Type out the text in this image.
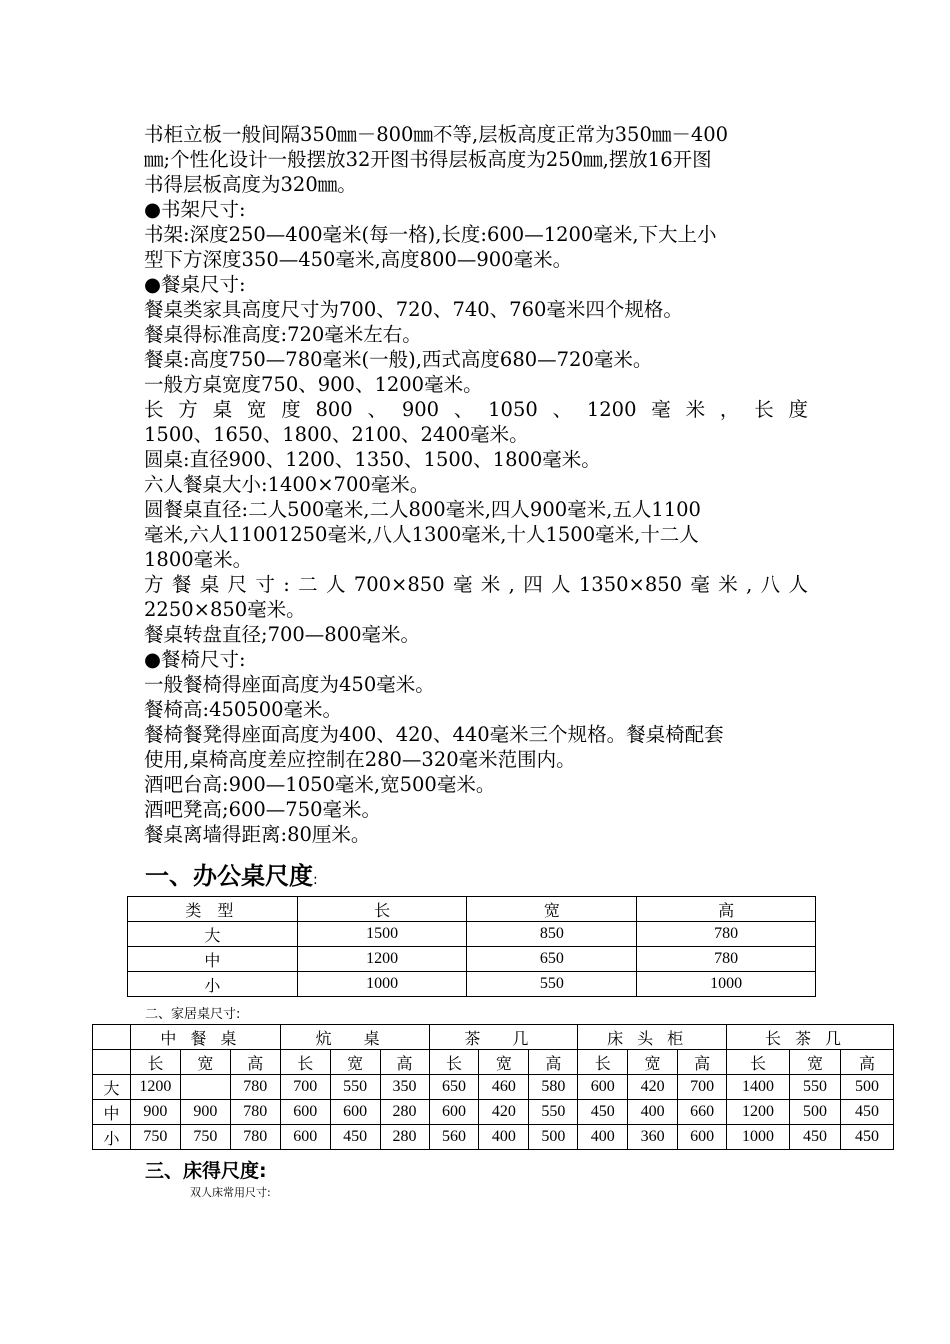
书柜立板一般间隔350㎜－800㎜不等,层板高度正常为350㎜－400

㎜;个性化设计一般摆放32开图书得层板高度为250㎜,摆放16开图

书得层板高度为320㎜。

●书架尺寸:

书架:深度250—400毫米(每一格),长度:600—1200毫米,下大上小

型下方深度350—450毫米,高度800—900毫米。

●餐桌尺寸:

餐桌类家具高度尺寸为700、720、740、760毫米四个规格。

餐桌得标准高度:720毫米左右。

餐桌:高度750—780毫米(一般),西式高度680—720毫米。

一般方桌宽度750、900、1200毫米。

长方桌宽度800、900、1050、1200毫米，长度

1500、1650、1800、2100、2400毫米。

圆桌:直径900、1200、1350、1500、1800毫米。

六人餐桌大小:1400×700毫米。

圆餐桌直径:二人500毫米,二人800毫米,四人900毫米,五人1100

毫米,六人11001250毫米,八人1300毫米,十人1500毫米,十二人

1800毫米。

方餐桌尺寸:二人700×850毫米,四人1350×850毫米,八人

2250×850毫米。

餐桌转盘直径;700—800毫米。

●餐椅尺寸:

一般餐椅得座面高度为450毫米。

餐椅高:450500毫米。

餐椅餐凳得座面高度为400、420、440毫米三个规格。餐桌椅配套

使用,桌椅高度差应控制在280—320毫米范围内。

酒吧台高:900—1050毫米,宽500毫米。

酒吧凳高;600—750毫米。

餐桌离墙得距离:80厘米。

一、办公桌尺度:
类 型	长	宽	高
大	1500	850	780
中	1200	650	780
小	1000	550	1000
二、家居桌尺寸:
	中餐桌			炕 桌			茶 几			床头柜			长茶几		
	长	宽	高	长	宽	高	长	宽	高	长	宽	高	长	宽	高
大	1200		780	700	550	350	650	460	580	600	420	700	1400	550	500
中	900	900	780	600	600	280	600	420	550	450	400	660	1200	500	450
小	750	750	780	600	450	280	560	400	500	400	360	600	1000	450	450
三、床得尺度:
双人床常用尺寸:
